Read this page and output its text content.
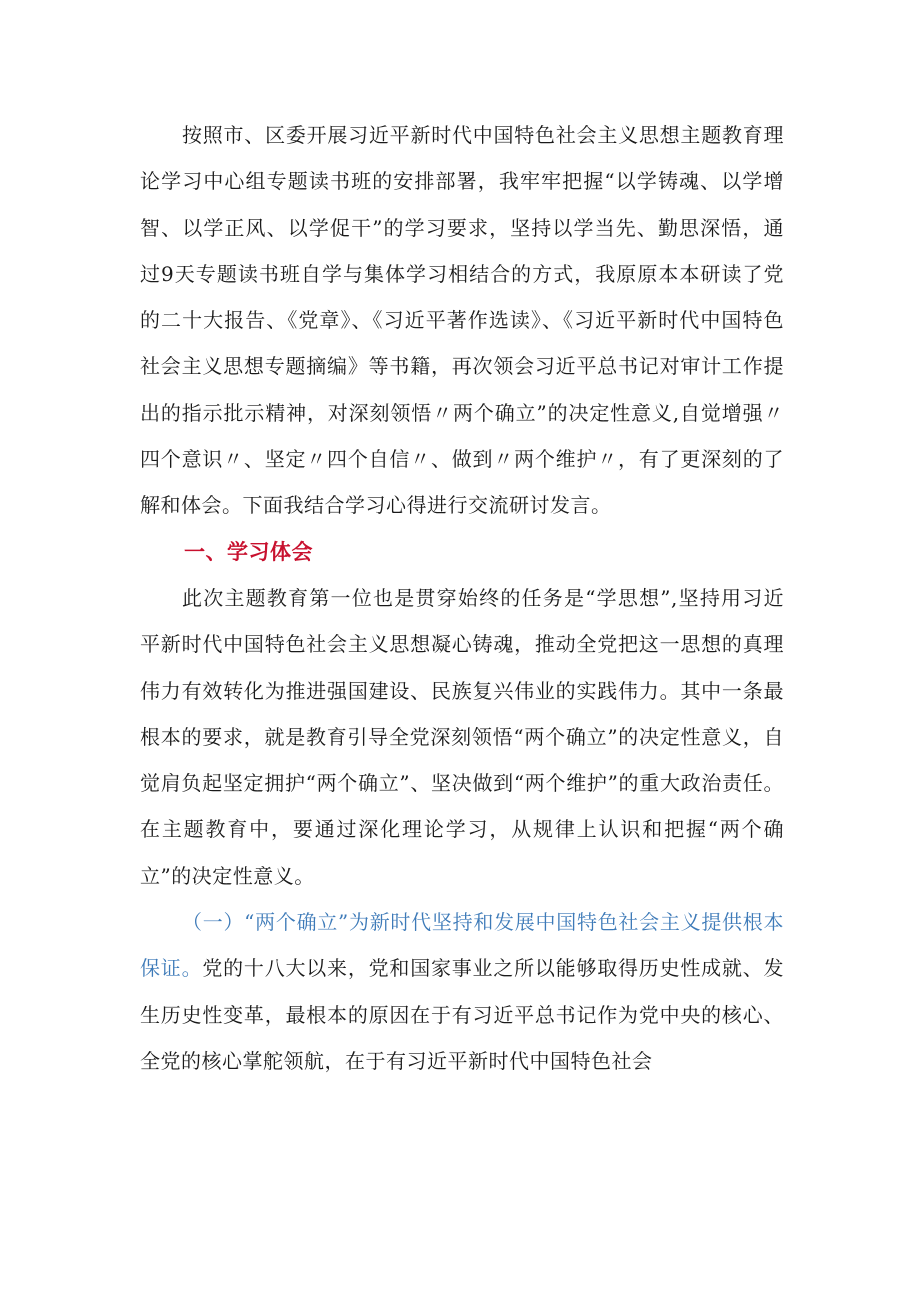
按照市、区委开展习近平新时代中国特色社会主义思想主题教育理论学习中心组专题读书班的安排部署，我牢牢把握“以学铸魂、以学增智、以学正风、以学促干”的学习要求，坚持以学当先、勤思深悟，通过9天专题读书班自学与集体学习相结合的方式，我原原本本研读了党的二十大报告、《党章》、《习近平著作选读》、《习近平新时代中国特色社会主义思想专题摘编》等书籍，再次领会习近平总书记对审计工作提出的指示批示精神，对深刻领悟〃两个确立”的决定性意义,自觉增强〃四个意识〃、坚定〃四个自信〃、做到〃两个维护〃，有了更深刻的了解和体会。下面我结合学习心得进行交流研讨发言。

一、学习体会

此次主题教育第一位也是贯穿始终的任务是“学思想”,坚持用习近平新时代中国特色社会主义思想凝心铸魂，推动全党把这一思想的真理伟力有效转化为推进强国建设、民族复兴伟业的实践伟力。其中一条最根本的要求，就是教育引导全党深刻领悟“两个确立”的决定性意义，自觉肩负起坚定拥护“两个确立”、坚决做到“两个维护”的重大政治责任。在主题教育中，要通过深化理论学习，从规律上认识和把握“两个确立”的决定性意义。

（一）“两个确立”为新时代坚持和发展中国特色社会主义提供根本保证。党的十八大以来，党和国家事业之所以能够取得历史性成就、发生历史性变革，最根本的原因在于有习近平总书记作为党中央的核心、全党的核心掌舵领航，在于有习近平新时代中国特色社会
